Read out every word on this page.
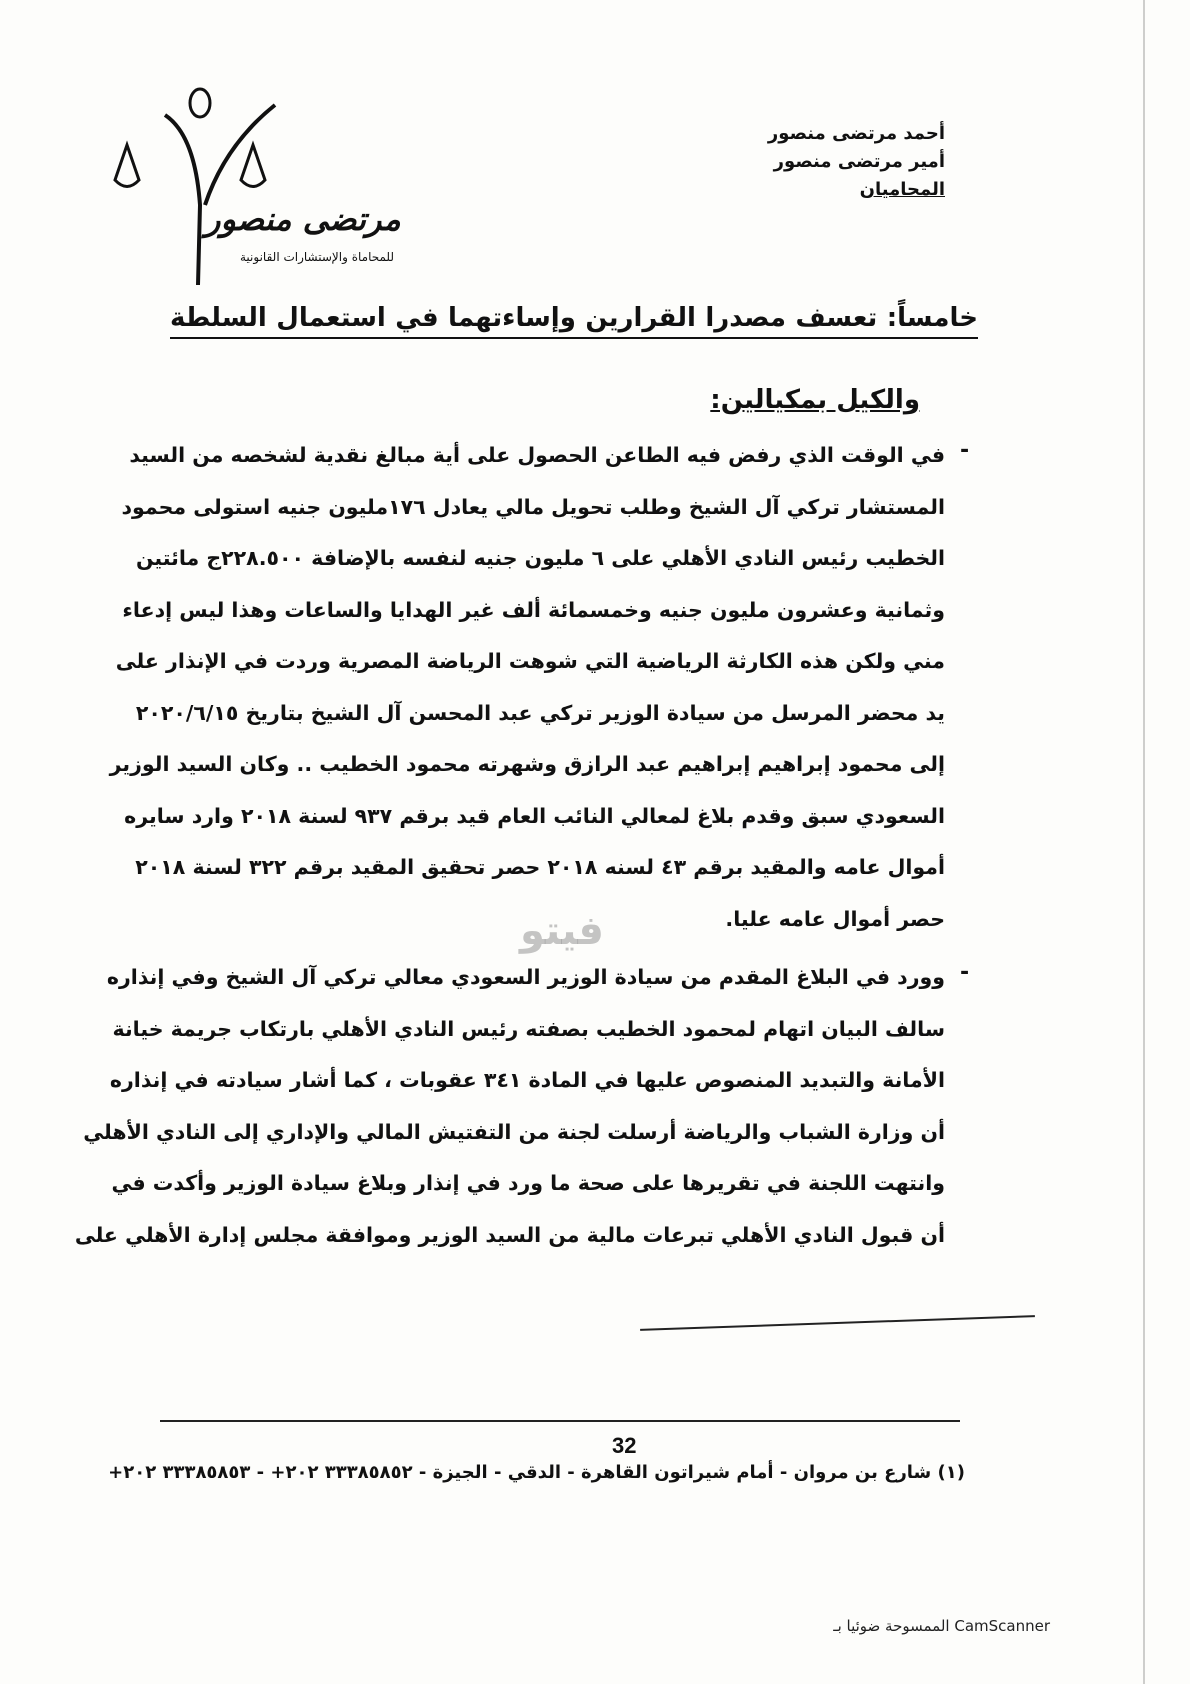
مرتضى منصور
للمحاماة والإستشارات القانونية
أحمد مرتضى منصور
أمير مرتضى منصور
المحاميان
خامساً: تعسف مصدرا القرارين وإساءتهما في استعمال السلطة
والكيل بمكيالين:
-
في الوقت الذي رفض فيه الطاعن الحصول على أية مبالغ نقدية لشخصه من السيد
المستشار تركي آل الشيخ وطلب تحويل مالي يعادل ١٧٦مليون جنيه استولى محمود
الخطيب رئيس النادي الأهلي على ٦ مليون جنيه لنفسه بالإضافة ٢٢٨.٥٠٠ج مائتين
وثمانية وعشرون مليون جنيه وخمسمائة ألف غير الهدايا والساعات وهذا ليس إدعاء
مني ولكن هذه الكارثة الرياضية التي شوهت الرياضة المصرية وردت في الإنذار على
يد محضر المرسل من سيادة الوزير تركي عبد المحسن آل الشيخ بتاريخ ٢٠٢٠/٦/١٥
إلى محمود إبراهيم إبراهيم عبد الرازق وشهرته محمود الخطيب .. وكان السيد الوزير
السعودي سبق وقدم بلاغ لمعالي النائب العام قيد برقم ٩٣٧ لسنة ٢٠١٨ وارد سايره
أموال عامه والمقيد برقم ٤٣ لسنه ٢٠١٨ حصر تحقيق المقيد برقم ٣٢٢ لسنة ٢٠١٨
حصر أموال عامه عليا.
-
وورد في البلاغ المقدم من سيادة الوزير السعودي معالي تركي آل الشيخ وفي إنذاره
سالف البيان اتهام لمحمود الخطيب بصفته رئيس النادي الأهلي بارتكاب جريمة خيانة
الأمانة والتبديد المنصوص عليها في المادة ٣٤١ عقوبات ، كما أشار سيادته في إنذاره
أن وزارة الشباب والرياضة أرسلت لجنة من التفتيش المالي والإداري إلى النادي الأهلي
وانتهت اللجنة في تقريرها على صحة ما ورد في إنذار وبلاغ سيادة الوزير وأكدت في
أن قبول النادي الأهلي تبرعات مالية من السيد الوزير وموافقة مجلس إدارة الأهلي على
فيتو
32
(١) شارع بن مروان - أمام شيراتون القاهرة - الدقي - الجيزة - ٣٣٣٨٥٨٥٢ ٢٠٢+ - ٣٣٣٨٥٨٥٣ ٢٠٢+
الممسوحة ضوئيا بـ CamScanner
